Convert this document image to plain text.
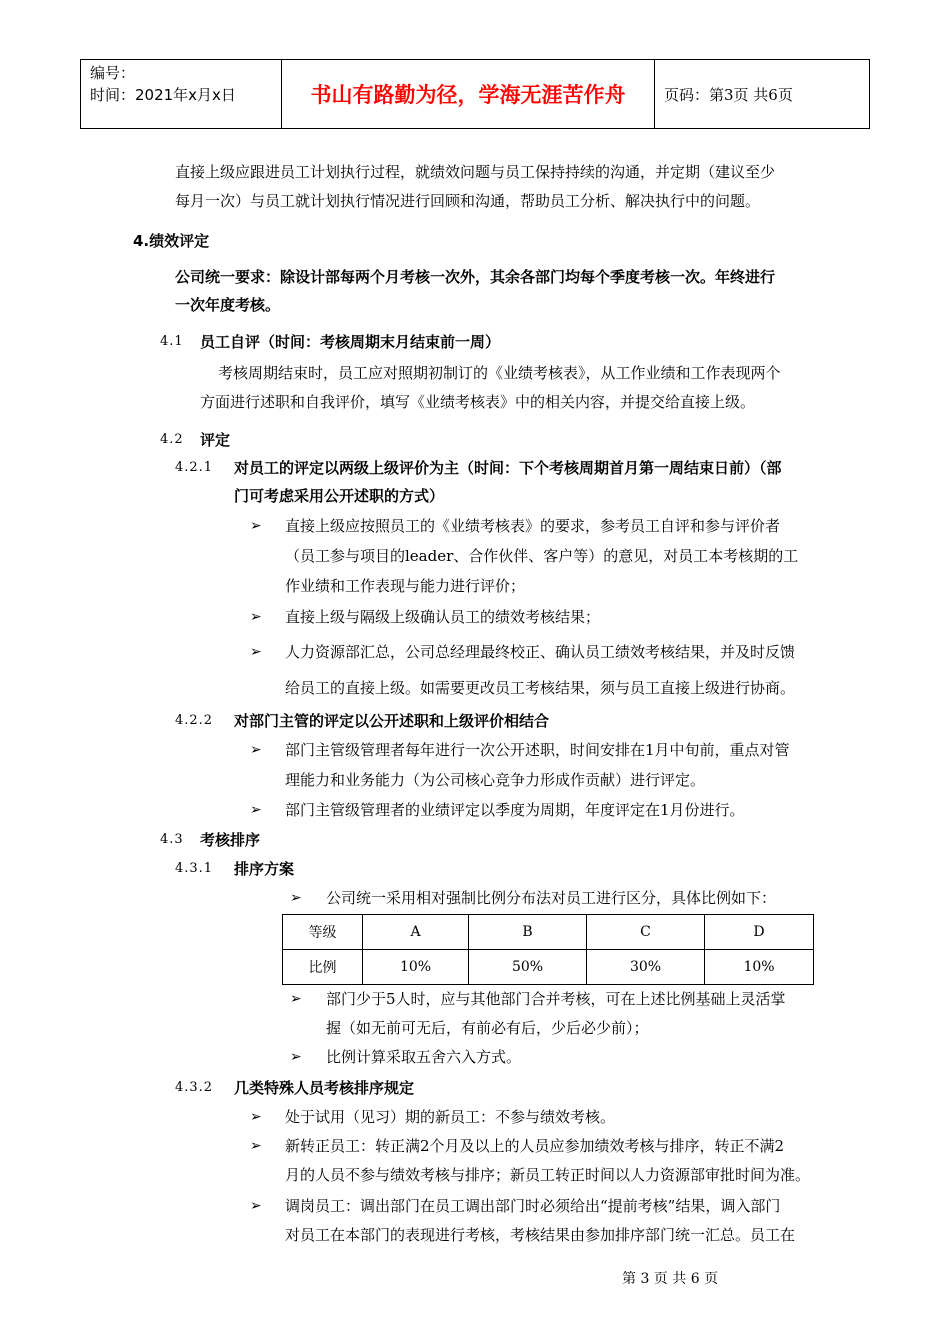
编号：
时间：2021年x月x日	书山有路勤为径，学海无涯苦作舟	页码：第3页 共6页
直接上级应跟进员工计划执行过程，就绩效问题与员工保持持续的沟通，并定期（建议至少
每月一次）与员工就计划执行情况进行回顾和沟通，帮助员工分析、解决执行中的问题。
4.绩效评定
公司统一要求：除设计部每两个月考核一次外，其余各部门均每个季度考核一次。年终进行
一次年度考核。
4.1 员工自评（时间：考核周期末月结束前一周）
考核周期结束时，员工应对照期初制订的《业绩考核表》，从工作业绩和工作表现两个
方面进行述职和自我评价，填写《业绩考核表》中的相关内容，并提交给直接上级。
4.2 评定
4.2.1 对员工的评定以两级上级评价为主（时间：下个考核周期首月第一周结束日前）（部
门可考虑采用公开述职的方式）
➢ 直接上级应按照员工的《业绩考核表》的要求，参考员工自评和参与评价者
（员工参与项目的leader、合作伙伴、客户等）的意见，对员工本考核期的工
作业绩和工作表现与能力进行评价；
➢ 直接上级与隔级上级确认员工的绩效考核结果；
➢ 人力资源部汇总，公司总经理最终校正、确认员工绩效考核结果，并及时反馈
给员工的直接上级。如需要更改员工考核结果，须与员工直接上级进行协商。
4.2.2 对部门主管的评定以公开述职和上级评价相结合
➢ 部门主管级管理者每年进行一次公开述职，时间安排在1月中旬前，重点对管
理能力和业务能力（为公司核心竞争力形成作贡献）进行评定。
➢ 部门主管级管理者的业绩评定以季度为周期，年度评定在1月份进行。
4.3 考核排序
4.3.1 排序方案
➢ 公司统一采用相对强制比例分布法对员工进行区分，具体比例如下：
等级	A	B	C	D
比例	10%	50%	30%	10%
➢ 部门少于5人时，应与其他部门合并考核，可在上述比例基础上灵活掌
握（如无前可无后，有前必有后，少后必少前）；
➢ 比例计算采取五舍六入方式。
4.3.2 几类特殊人员考核排序规定
➢ 处于试用（见习）期的新员工：不参与绩效考核。
➢ 新转正员工：转正满2个月及以上的人员应参加绩效考核与排序，转正不满2
月的人员不参与绩效考核与排序；新员工转正时间以人力资源部审批时间为准。
➢ 调岗员工：调出部门在员工调出部门时必须给出“提前考核”结果，调入部门
对员工在本部门的表现进行考核，考核结果由参加排序部门统一汇总。员工在
第 3 页 共 6 页
